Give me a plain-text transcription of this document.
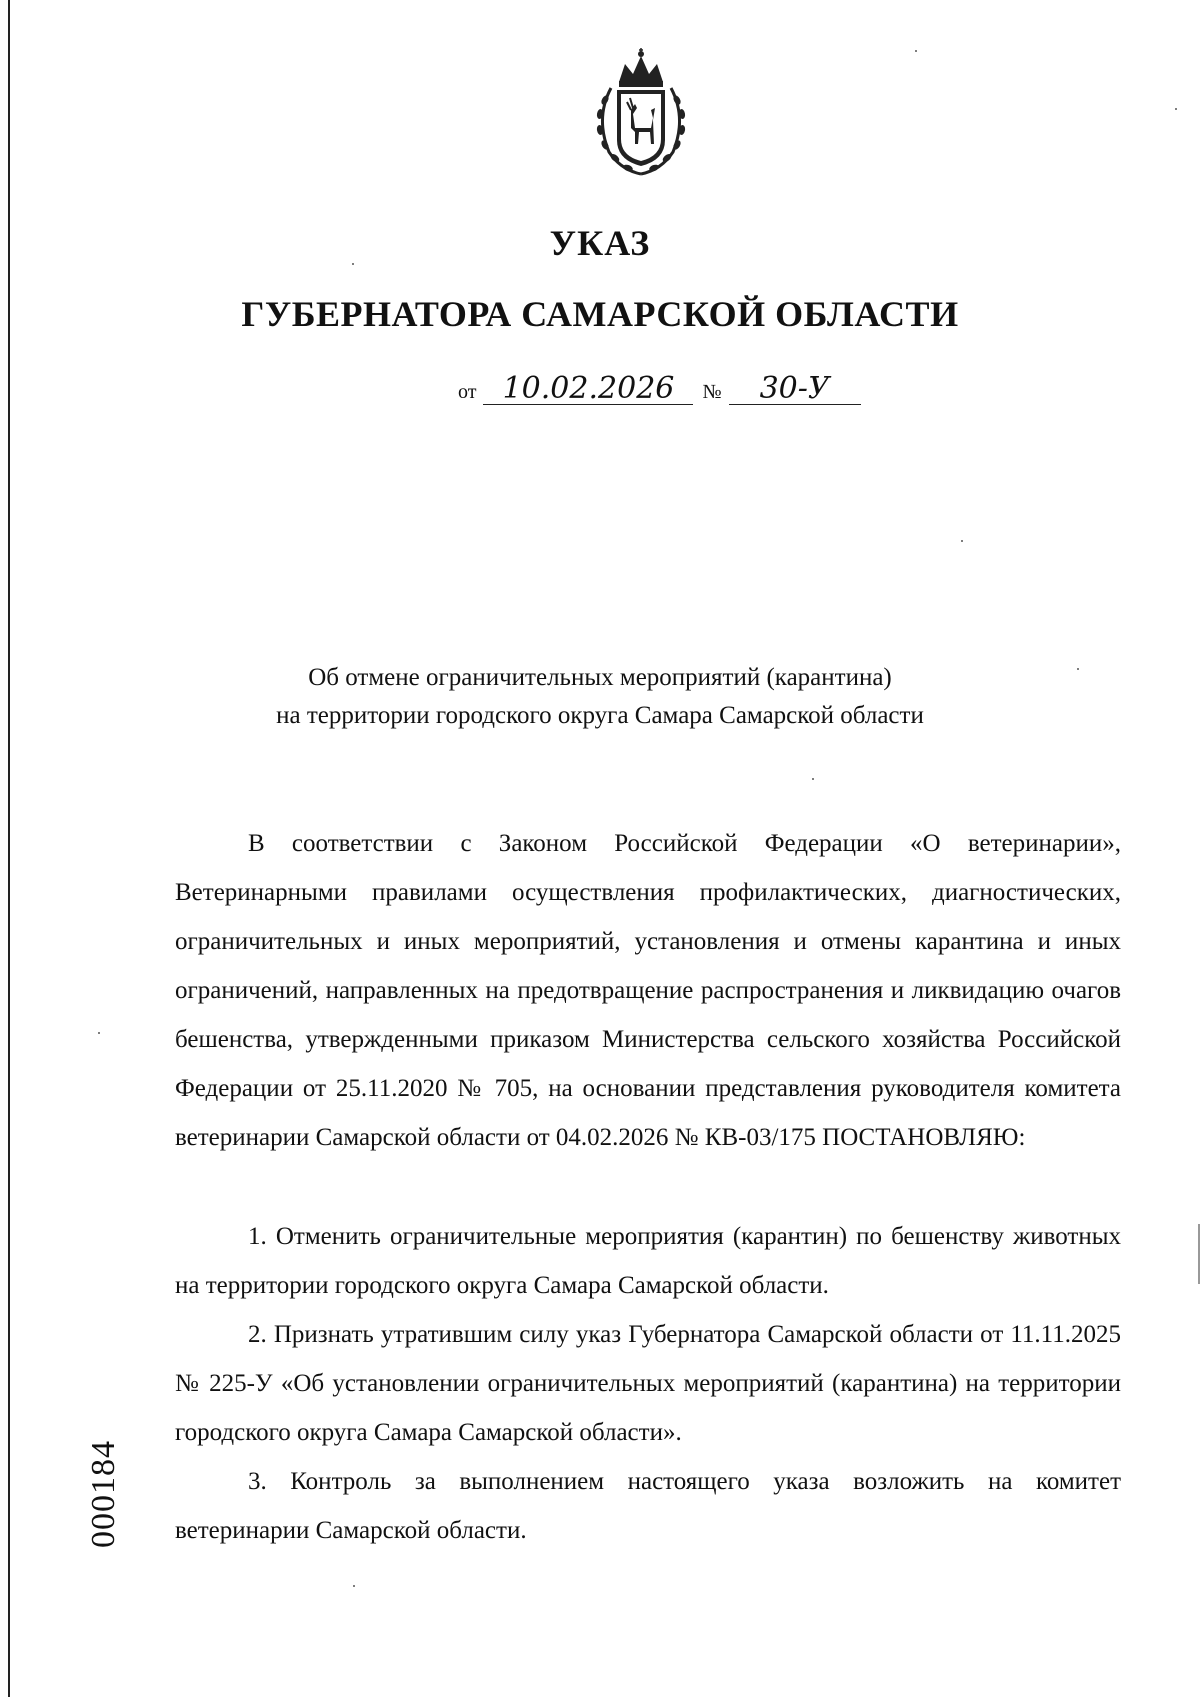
УКАЗ
ГУБЕРНАТОРА САМАРСКОЙ ОБЛАСТИ
от 10.02.2026 № 30-У
Об отмене ограничительных мероприятий (карантина)
на территории городского округа Самара Самарской области

В соответствии с Законом Российской Федерации «О ветеринарии», Ветеринарными правилами осуществления профилактических, диагностических, ограничительных и иных мероприятий, установления и отмены карантина и иных ограничений, направленных на предотвращение распространения и ликвидацию очагов бешенства, утвержденными приказом Министерства сельского хозяйства Российской Федерации от 25.11.2020 № 705, на основании представления руководителя комитета ветеринарии Самарской области от 04.02.2026 № КВ-03/175 ПОСТАНОВЛЯЮ:

1. Отменить ограничительные мероприятия (карантин) по бешенству животных на территории городского округа Самара Самарской области.

2. Признать утратившим силу указ Губернатора Самарской области от 11.11.2025 № 225-У «Об установлении ограничительных мероприятий (карантина) на территории городского округа Самара Самарской области».

3. Контроль за выполнением настоящего указа возложить на комитет ветеринарии Самарской области.

000184
